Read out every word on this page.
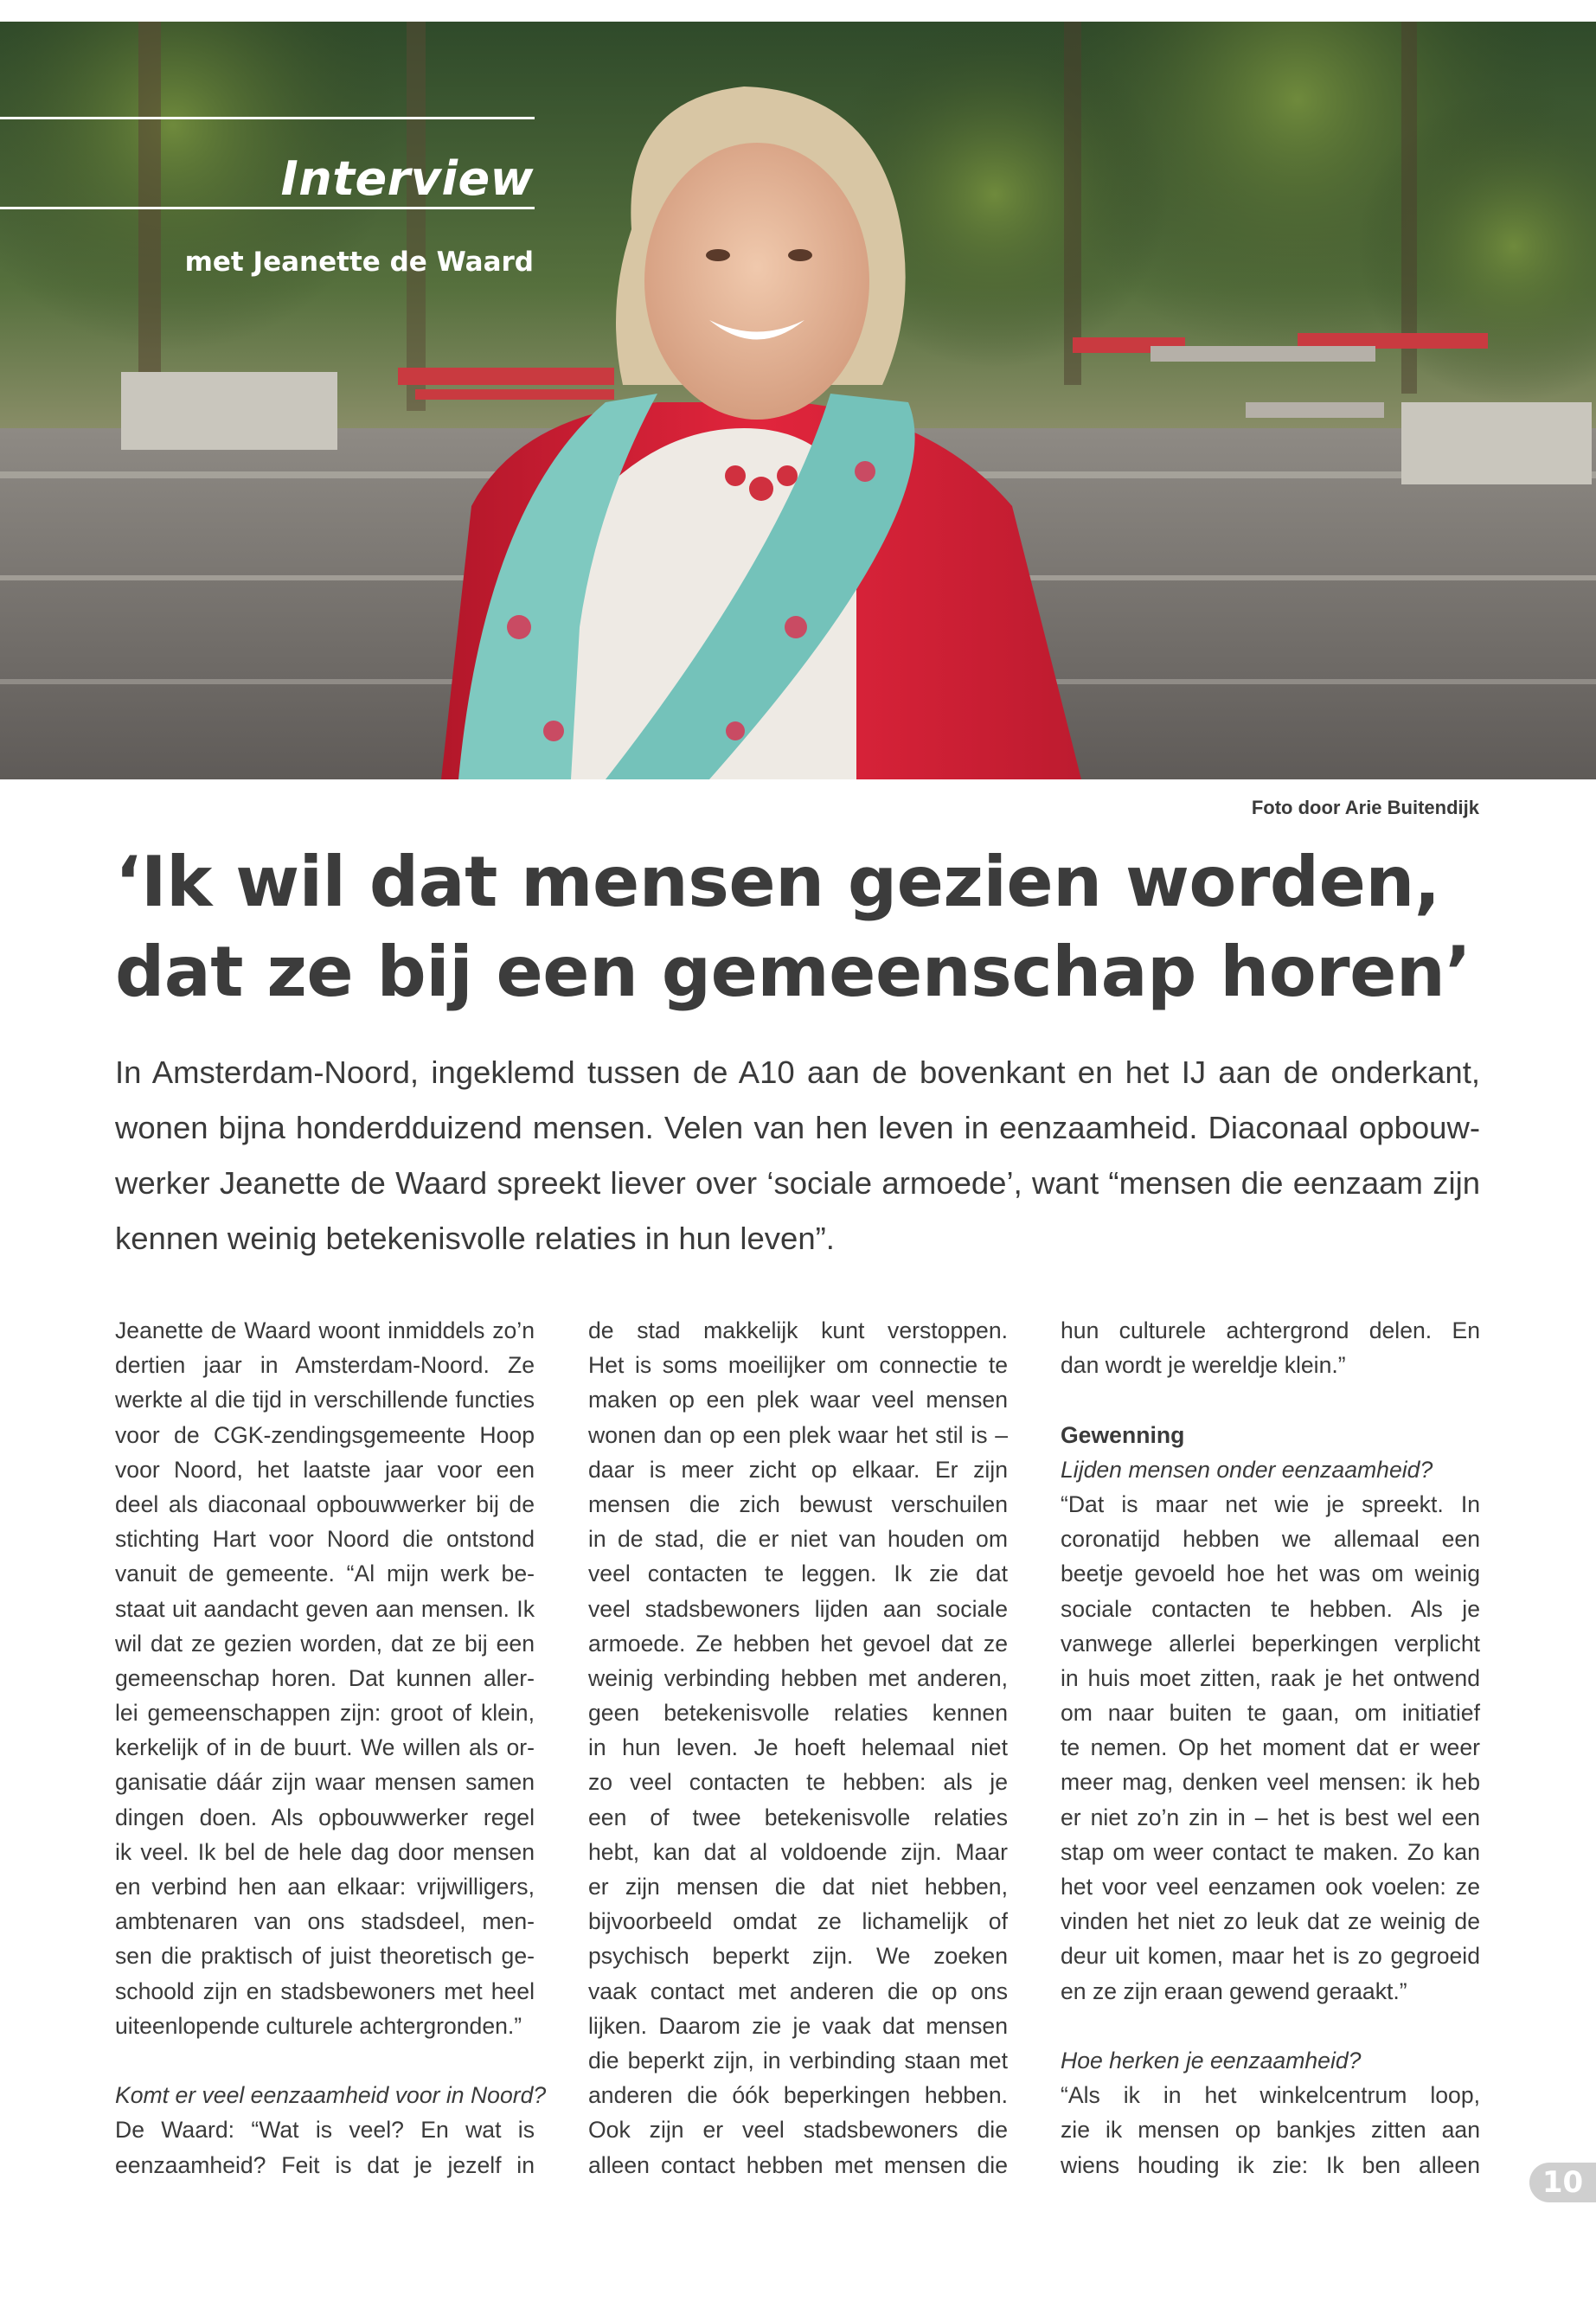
Interview
met Jeanette de Waard
Foto door Arie Buitendijk
‘Ik wil dat mensen gezien worden,
dat ze bij een gemeenschap horen’

In Amsterdam-Noord, ingeklemd tussen de A10 aan de bovenkant en het IJ aan de onderkant,
wonen bijna honderdduizend mensen. Velen van hen leven in eenzaamheid. Diaconaal opbouw-
werker Jeanette de Waard spreekt liever over ‘sociale armoede’, want “mensen die eenzaam zijn
kennen weinig betekenisvolle relaties in hun leven”.

Jeanette de Waard woont inmiddels zo’n
dertien jaar in Amsterdam-Noord. Ze
werkte al die tijd in verschillende functies
voor de CGK-zendingsgemeente Hoop
voor Noord, het laatste jaar voor een
deel als diaconaal opbouwwerker bij de
stichting Hart voor Noord die ontstond
vanuit de gemeente. “Al mijn werk be-
staat uit aandacht geven aan mensen. Ik
wil dat ze gezien worden, dat ze bij een
gemeenschap horen. Dat kunnen aller-
lei gemeenschappen zijn: groot of klein,
kerkelijk of in de buurt. We willen als or-
ganisatie dáár zijn waar mensen samen
dingen doen. Als opbouwwerker regel
ik veel. Ik bel de hele dag door mensen
en verbind hen aan elkaar: vrijwilligers,
ambtenaren van ons stadsdeel, men-
sen die praktisch of juist theoretisch ge-
schoold zijn en stadsbewoners met heel
uiteenlopende culturele achtergronden.”
Komt er veel eenzaamheid voor in Noord?
De Waard: “Wat is veel? En wat is
eenzaamheid? Feit is dat je jezelf in
de stad makkelijk kunt verstoppen.
Het is soms moeilijker om connectie te
maken op een plek waar veel mensen
wonen dan op een plek waar het stil is –
daar is meer zicht op elkaar. Er zijn
mensen die zich bewust verschuilen
in de stad, die er niet van houden om
veel contacten te leggen. Ik zie dat
veel stadsbewoners lijden aan sociale
armoede. Ze hebben het gevoel dat ze
weinig verbinding hebben met anderen,
geen betekenisvolle relaties kennen
in hun leven. Je hoeft helemaal niet
zo veel contacten te hebben: als je
een of twee betekenisvolle relaties
hebt, kan dat al voldoende zijn. Maar
er zijn mensen die dat niet hebben,
bijvoorbeeld omdat ze lichamelijk of
psychisch beperkt zijn. We zoeken
vaak contact met anderen die op ons
lijken. Daarom zie je vaak dat mensen
die beperkt zijn, in verbinding staan met
anderen die óók beperkingen hebben.
Ook zijn er veel stadsbewoners die
alleen contact hebben met mensen die
hun culturele achtergrond delen. En
dan wordt je wereldje klein.”
Gewenning
Lijden mensen onder eenzaamheid?
“Dat is maar net wie je spreekt. In
coronatijd hebben we allemaal een
beetje gevoeld hoe het was om weinig
sociale contacten te hebben. Als je
vanwege allerlei beperkingen verplicht
in huis moet zitten, raak je het ontwend
om naar buiten te gaan, om initiatief
te nemen. Op het moment dat er weer
meer mag, denken veel mensen: ik heb
er niet zo’n zin in – het is best wel een
stap om weer contact te maken. Zo kan
het voor veel eenzamen ook voelen: ze
vinden het niet zo leuk dat ze weinig de
deur uit komen, maar het is zo gegroeid
en ze zijn eraan gewend geraakt.”
Hoe herken je eenzaamheid?
“Als ik in het winkelcentrum loop,
zie ik mensen op bankjes zitten aan
wiens houding ik zie: Ik ben alleen
10
